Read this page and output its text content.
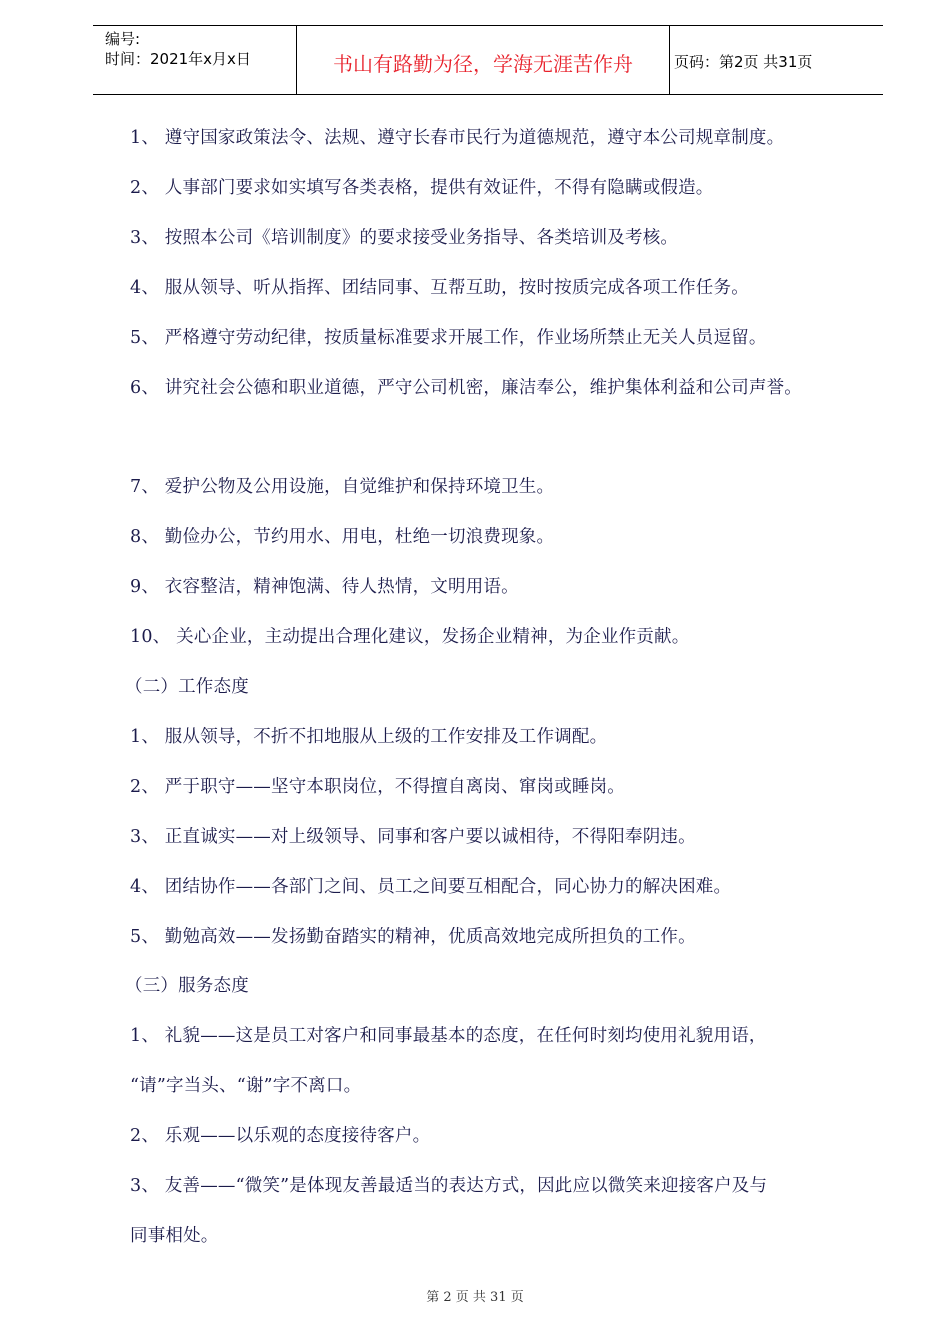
编号:
时间：2021年x月x日	书山有路勤为径，学海无涯苦作舟	页码：第2页 共31页

1、 遵守国家政策法令、法规、遵守长春市民行为道德规范，遵守本公司规章制度。

2、 人事部门要求如实填写各类表格，提供有效证件，不得有隐瞒或假造。

3、 按照本公司《培训制度》的要求接受业务指导、各类培训及考核。

4、 服从领导、听从指挥、团结同事、互帮互助，按时按质完成各项工作任务。

5、 严格遵守劳动纪律，按质量标准要求开展工作，作业场所禁止无关人员逗留。

6、 讲究社会公德和职业道德，严守公司机密，廉洁奉公，维护集体利益和公司声誉。

7、 爱护公物及公用设施，自觉维护和保持环境卫生。

8、 勤俭办公，节约用水、用电，杜绝一切浪费现象。

9、 衣容整洁，精神饱满、待人热情，文明用语。

10、 关心企业，主动提出合理化建议，发扬企业精神，为企业作贡献。

（二）工作态度

1、 服从领导，不折不扣地服从上级的工作安排及工作调配。

2、 严于职守——坚守本职岗位，不得擅自离岗、窜岗或睡岗。

3、 正直诚实——对上级领导、同事和客户要以诚相待，不得阳奉阴违。

4、 团结协作——各部门之间、员工之间要互相配合，同心协力的解决困难。

5、 勤勉高效——发扬勤奋踏实的精神，优质高效地完成所担负的工作。

（三）服务态度

1、 礼貌——这是员工对客户和同事最基本的态度，在任何时刻均使用礼貌用语，

“请”字当头、“谢”字不离口。

2、 乐观——以乐观的态度接待客户。

3、 友善——“微笑”是体现友善最适当的表达方式，因此应以微笑来迎接客户及与

同事相处。

第 2 页 共 31 页
